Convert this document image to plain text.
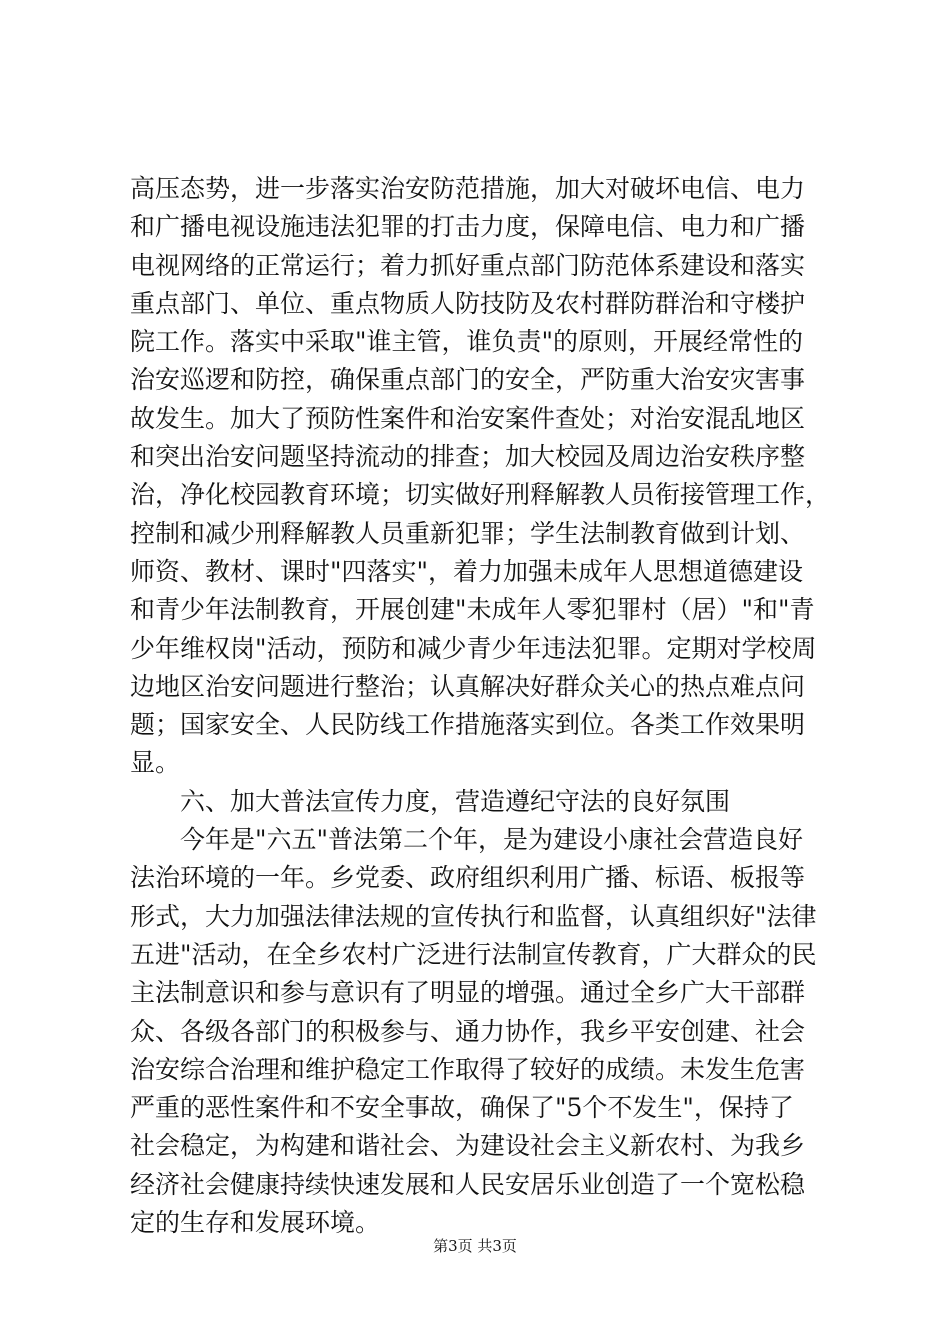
高压态势，进一步落实治安防范措施，加大对破坏电信、电力
和广播电视设施违法犯罪的打击力度，保障电信、电力和广播
电视网络的正常运行；着力抓好重点部门防范体系建设和落实
重点部门、单位、重点物质人防技防及农村群防群治和守楼护
院工作。落实中采取"谁主管，谁负责"的原则，开展经常性的
治安巡逻和防控，确保重点部门的安全，严防重大治安灾害事
故发生。加大了预防性案件和治安案件查处；对治安混乱地区
和突出治安问题坚持流动的排查；加大校园及周边治安秩序整
治，净化校园教育环境；切实做好刑释解教人员衔接管理工作，
控制和减少刑释解教人员重新犯罪；学生法制教育做到计划、
师资、教材、课时"四落实"，着力加强未成年人思想道德建设
和青少年法制教育，开展创建"未成年人零犯罪村（居）"和"青
少年维权岗"活动，预防和减少青少年违法犯罪。定期对学校周
边地区治安问题进行整治；认真解决好群众关心的热点难点问
题；国家安全、人民防线工作措施落实到位。各类工作效果明
显。
　　六、加大普法宣传力度，营造遵纪守法的良好氛围
　　今年是"六五"普法第二个年，是为建设小康社会营造良好
法治环境的一年。乡党委、政府组织利用广播、标语、板报等
形式，大力加强法律法规的宣传执行和监督，认真组织好"法律
五进"活动，在全乡农村广泛进行法制宣传教育，广大群众的民
主法制意识和参与意识有了明显的增强。通过全乡广大干部群
众、各级各部门的积极参与、通力协作，我乡平安创建、社会
治安综合治理和维护稳定工作取得了较好的成绩。未发生危害
严重的恶性案件和不安全事故，确保了"5个不发生"，保持了
社会稳定，为构建和谐社会、为建设社会主义新农村、为我乡
经济社会健康持续快速发展和人民安居乐业创造了一个宽松稳
定的生存和发展环境。
第3页 共3页
